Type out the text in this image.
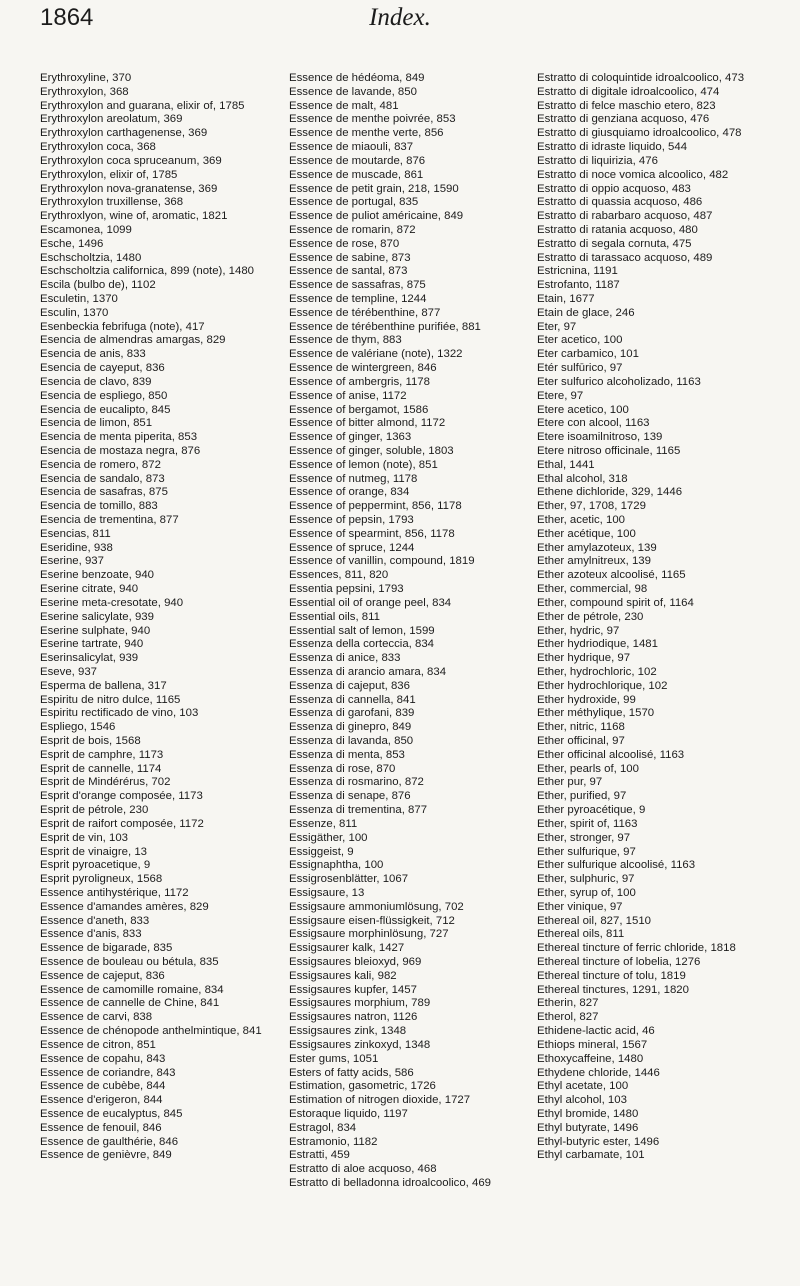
1864	Index.

Erythroxyline, 370

Erythroxylon, 368

Erythroxylon and guarana, elixir of, 1785

Erythroxylon areolatum, 369

Erythroxylon carthagenense, 369

Erythroxylon coca, 368

Erythroxylon coca spruceanum, 369

Erythroxylon, elixir of, 1785

Erythroxylon nova-granatense, 369

Erythroxylon truxillense, 368

Erythroxlyon, wine of, aromatic, 1821

Escamonea, 1099

Esche, 1496

Eschscholtzia, 1480

Eschscholtzia californica, 899 (note), 1480

Escila (bulbo de), 1102

Esculetin, 1370

Esculin, 1370

Esenbeckia febrifuga (note), 417

Esencia de almendras amargas, 829

Esencia de anis, 833

Esencia de cayeput, 836

Esencia de clavo, 839

Esencia de espliego, 850

Esencia de eucalipto, 845

Esencia de limon, 851

Esencia de menta piperita, 853

Esencia de mostaza negra, 876

Esencia de romero, 872

Esencia de sandalo, 873

Esencia de sasafras, 875

Esencia de tomillo, 883

Esencia de trementina, 877

Esencias, 811

Eseridine, 938

Eserine, 937

Eserine benzoate, 940

Eserine citrate, 940

Eserine meta-cresotate, 940

Eserine salicylate, 939

Eserine sulphate, 940

Eserine tartrate, 940

Eserinsalicylat, 939

Eseve, 937

Esperma de ballena, 317

Espiritu de nitro dulce, 1165

Espiritu rectificado de vino, 103

Espliego, 1546

Esprit de bois, 1568

Esprit de camphre, 1173

Esprit de cannelle, 1174

Esprit de Mindérérus, 702

Esprit d'orange composée, 1173

Esprit de pétrole, 230

Esprit de raifort composée, 1172

Esprit de vin, 103

Esprit de vinaigre, 13

Esprit pyroacetique, 9

Esprit pyroligneux, 1568

Essence antihystérique, 1172

Essence d'amandes amères, 829

Essence d'aneth, 833

Essence d'anis, 833

Essence de bigarade, 835

Essence de bouleau ou bétula, 835

Essence de cajeput, 836

Essence de camomille romaine, 834

Essence de cannelle de Chine, 841

Essence de carvi, 838

Essence de chénopode anthelmintique, 841

Essence de citron, 851

Essence de copahu, 843

Essence de coriandre, 843

Essence de cubèbe, 844

Essence d'erigeron, 844

Essence de eucalyptus, 845

Essence de fenouil, 846

Essence de gaulthérie, 846

Essence de genièvre, 849

Essence de hédéoma, 849

Essence de lavande, 850

Essence de malt, 481

Essence de menthe poivrée, 853

Essence de menthe verte, 856

Essence de miaouli, 837

Essence de moutarde, 876

Essence de muscade, 861

Essence de petit grain, 218, 1590

Essence de portugal, 835

Essence de puliot américaine, 849

Essence de romarin, 872

Essence de rose, 870

Essence de sabine, 873

Essence de santal, 873

Essence de sassafras, 875

Essence de templine, 1244

Essence de térébenthine, 877

Essence de térébenthine purifiée, 881

Essence de thym, 883

Essence de valériane (note), 1322

Essence de wintergreen, 846

Essence of ambergris, 1178

Essence of anise, 1172

Essence of bergamot, 1586

Essence of bitter almond, 1172

Essence of ginger, 1363

Essence of ginger, soluble, 1803

Essence of lemon (note), 851

Essence of nutmeg, 1178

Essence of orange, 834

Essence of peppermint, 856, 1178

Essence of pepsin, 1793

Essence of spearmint, 856, 1178

Essence of spruce, 1244

Essence of vanillin, compound, 1819

Essences, 811, 820

Essentia pepsini, 1793

Essential oil of orange peel, 834

Essential oils, 811

Essential salt of lemon, 1599

Essenza della corteccia, 834

Essenza di anice, 833

Essenza di arancio amara, 834

Essenza di cajeput, 836

Essenza di cannella, 841

Essenza di garofani, 839

Essenza di ginepro, 849

Essenza di lavanda, 850

Essenza di menta, 853

Essenza di rose, 870

Essenza di rosmarino, 872

Essenza di senape, 876

Essenza di trementina, 877

Essenze, 811

Essigäther, 100

Essiggeist, 9

Essignaphtha, 100

Essigrosenblätter, 1067

Essigsaure, 13

Essigsaure ammoniumlösung, 702

Essigsaure eisen-flüssigkeit, 712

Essigsaure morphinlösung, 727

Essigsaurer kalk, 1427

Essigsaures bleioxyd, 969

Essigsaures kali, 982

Essigsaures kupfer, 1457

Essigsaures morphium, 789

Essigsaures natron, 1126

Essigsaures zink, 1348

Essigsaures zinkoxyd, 1348

Ester gums, 1051

Esters of fatty acids, 586

Estimation, gasometric, 1726

Estimation of nitrogen dioxide, 1727

Estoraque liquido, 1197

Estragol, 834

Estramonio, 1182

Estratti, 459

Estratto di aloe acquoso, 468

Estratto di belladonna idroalcoolico, 469

Estratto di coloquintide idroalcoolico, 473

Estratto di digitale idroalcoolico, 474

Estratto di felce maschio etero, 823

Estratto di genziana acquoso, 476

Estratto di giusquiamo idroalcoolico, 478

Estratto di idraste liquido, 544

Estratto di liquirizia, 476

Estratto di noce vomica alcoolico, 482

Estratto di oppio acquoso, 483

Estratto di quassia acquoso, 486

Estratto di rabarbaro acquoso, 487

Estratto di ratania acquoso, 480

Estratto di segala cornuta, 475

Estratto di tarassaco acquoso, 489

Estricnina, 1191

Estrofanto, 1187

Etain, 1677

Etain de glace, 246

Eter, 97

Eter acetico, 100

Eter carbamico, 101

Etér sulfūrico, 97

Eter sulfurico alcoholizado, 1163

Etere, 97

Etere acetico, 100

Etere con alcool, 1163

Etere isoamilnitroso, 139

Etere nitroso officinale, 1165

Ethal, 1441

Ethal alcohol, 318

Ethene dichloride, 329, 1446

Ether, 97, 1708, 1729

Ether, acetic, 100

Ether acétique, 100

Ether amylazoteux, 139

Ether amylnitreux, 139

Ether azoteux alcoolisé, 1165

Ether, commercial, 98

Ether, compound spirit of, 1164

Ether de pétrole, 230

Ether, hydric, 97

Ether hydriodique, 1481

Ether hydrique, 97

Ether, hydrochloric, 102

Ether hydrochlorique, 102

Ether hydroxide, 99

Ether méthylique, 1570

Ether, nitric, 1168

Ether officinal, 97

Ether officinal alcoolisé, 1163

Ether, pearls of, 100

Ether pur, 97

Ether, purified, 97

Ether pyroacétique, 9

Ether, spirit of, 1163

Ether, stronger, 97

Ether sulfurique, 97

Ether sulfurique alcoolisé, 1163

Ether, sulphuric, 97

Ether, syrup of, 100

Ether vinique, 97

Ethereal oil, 827, 1510

Ethereal oils, 811

Ethereal tincture of ferric chloride, 1818

Ethereal tincture of lobelia, 1276

Ethereal tincture of tolu, 1819

Ethereal tinctures, 1291, 1820

Etherin, 827

Etherol, 827

Ethidene-lactic acid, 46

Ethiops mineral, 1567

Ethoxycaffeine, 1480

Ethydene chloride, 1446

Ethyl acetate, 100

Ethyl alcohol, 103

Ethyl bromide, 1480

Ethyl butyrate, 1496

Ethyl-butyric ester, 1496

Ethyl carbamate, 101
